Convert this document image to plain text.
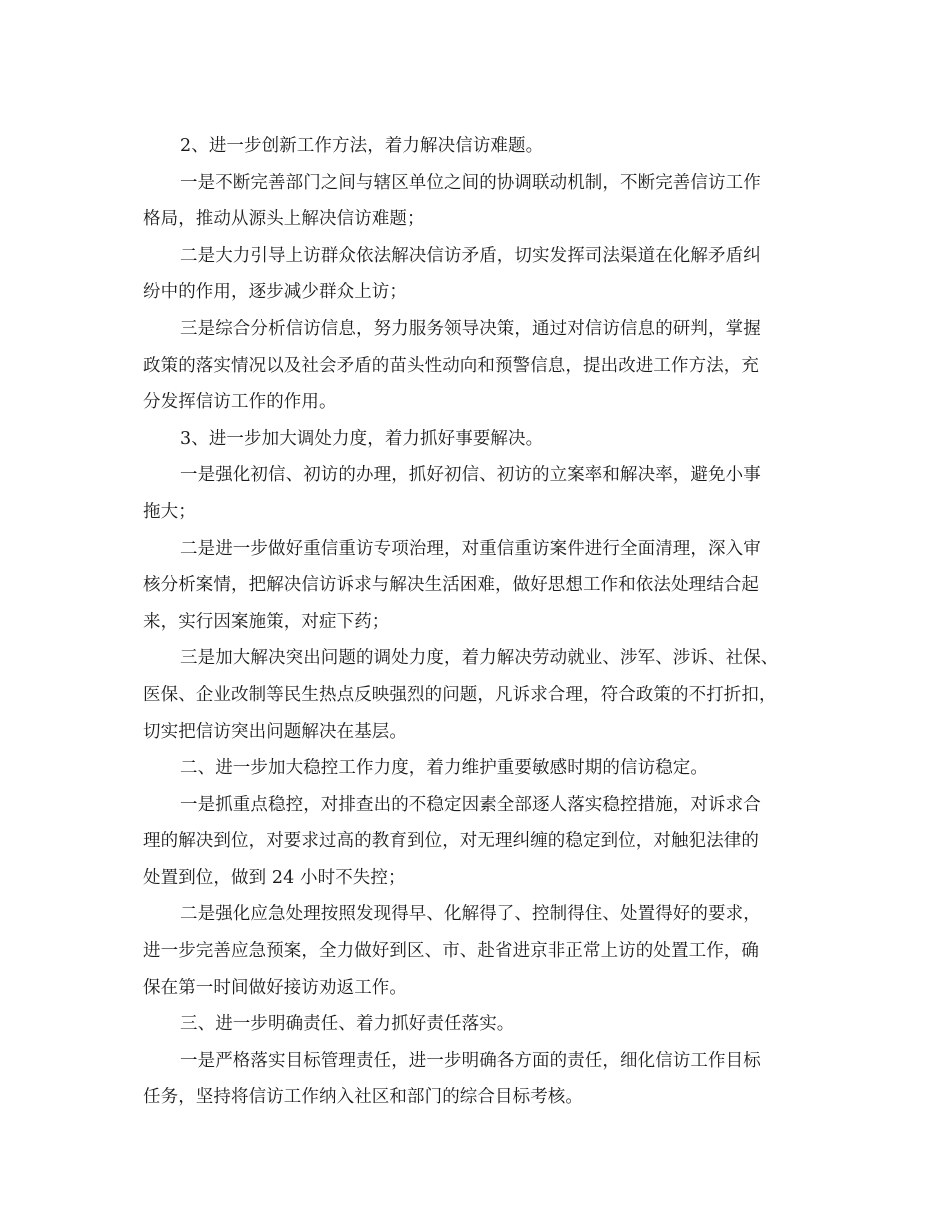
2、进一步创新工作方法，着力解决信访难题。

一是不断完善部门之间与辖区单位之间的协调联动机制，不断完善信访工作
格局，推动从源头上解决信访难题；

二是大力引导上访群众依法解决信访矛盾，切实发挥司法渠道在化解矛盾纠
纷中的作用，逐步减少群众上访；

三是综合分析信访信息，努力服务领导决策，通过对信访信息的研判，掌握
政策的落实情况以及社会矛盾的苗头性动向和预警信息，提出改进工作方法，充
分发挥信访工作的作用。

3、进一步加大调处力度，着力抓好事要解决。

一是强化初信、初访的办理，抓好初信、初访的立案率和解决率，避免小事
拖大；

二是进一步做好重信重访专项治理，对重信重访案件进行全面清理，深入审
核分析案情，把解决信访诉求与解决生活困难，做好思想工作和依法处理结合起
来，实行因案施策，对症下药；

三是加大解决突出问题的调处力度，着力解决劳动就业、涉军、涉诉、社保、
医保、企业改制等民生热点反映强烈的问题，凡诉求合理，符合政策的不打折扣，
切实把信访突出问题解决在基层。

二、进一步加大稳控工作力度，着力维护重要敏感时期的信访稳定。

一是抓重点稳控，对排查出的不稳定因素全部逐人落实稳控措施，对诉求合
理的解决到位，对要求过高的教育到位，对无理纠缠的稳定到位，对触犯法律的
处置到位，做到 24 小时不失控；

二是强化应急处理按照发现得早、化解得了、控制得住、处置得好的要求，
进一步完善应急预案，全力做好到区、市、赴省进京非正常上访的处置工作，确
保在第一时间做好接访劝返工作。

三、进一步明确责任、着力抓好责任落实。

一是严格落实目标管理责任，进一步明确各方面的责任，细化信访工作目标
任务，坚持将信访工作纳入社区和部门的综合目标考核。
